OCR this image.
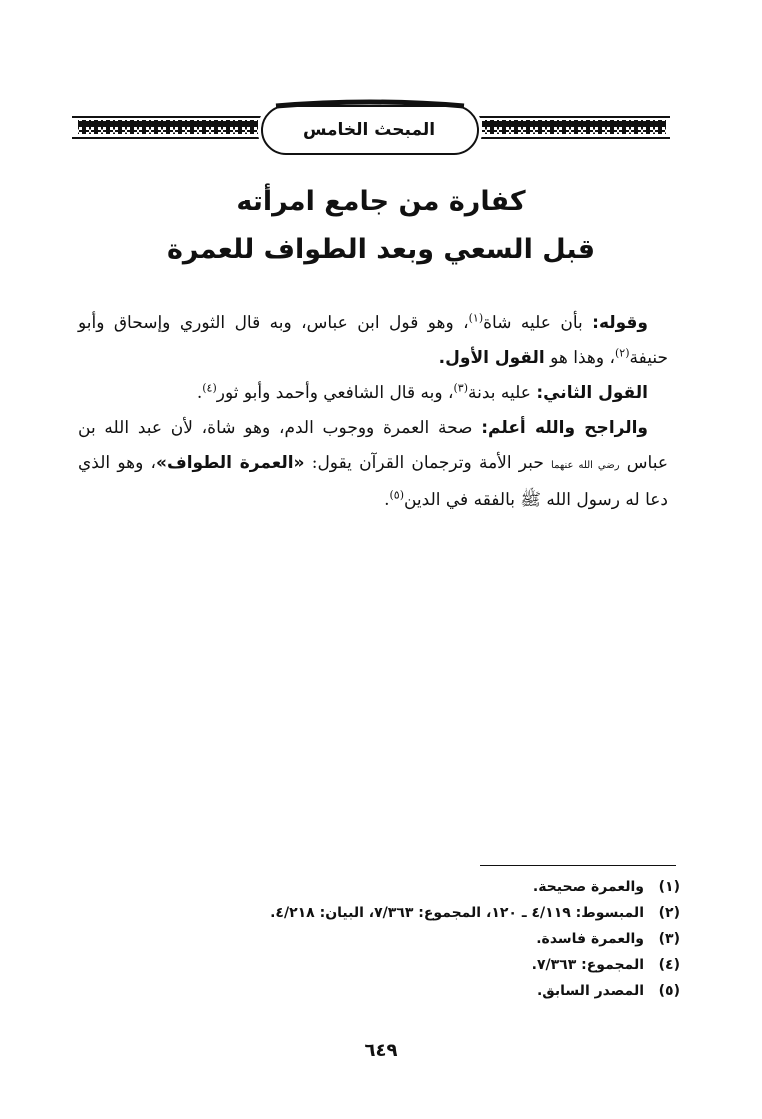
المبحث الخامس
كفارة من جامع امرأته
قبل السعي وبعد الطواف للعمرة

وقوله: بأن عليه شاة$^{(١)}$، وهو قول ابن عباس، وبه قال الثوري وإسحاق وأبو حنيفة$^{(٢)}$، وهذا هو القول الأول.

القول الثاني: عليه بدنة$^{(٣)}$، وبه قال الشافعي وأحمد وأبو ثور$^{(٤)}$.

والراجح والله أعلم: صحة العمرة ووجوب الدم، وهو شاة، لأن عبد الله بن عباس رضي الله عنهما حبر الأمة وترجمان القرآن يقول: «العمرة الطواف»، وهو الذي دعا له رسول الله ﷺ بالفقه في الدين$^{(٥)}$.

(١)
والعمرة صحيحة.
(٢)
المبسوط: ٤/١١٩ ـ ١٢٠، المجموع: ٧/٣٦٣، البيان: ٤/٢١٨.
(٣)
والعمرة فاسدة.
(٤)
المجموع: ٧/٣٦٣.
(٥)
المصدر السابق.
٦٤٩
